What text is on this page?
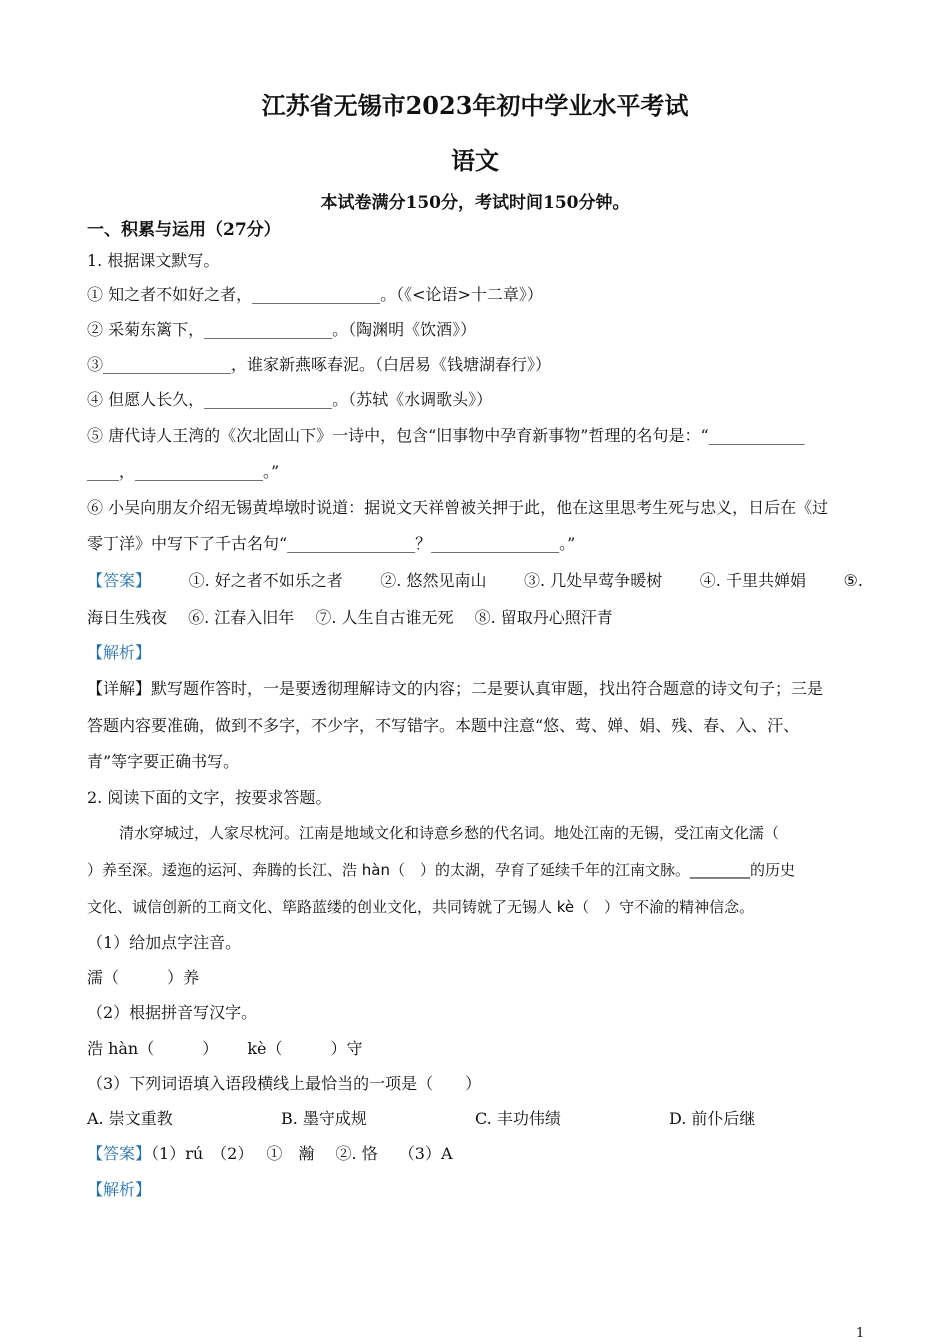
江苏省无锡市2023年初中学业水平考试
语文
本试卷满分150分，考试时间150分钟。
一、积累与运用（27分）
1. 根据课文默写。
① 知之者不如好之者，________________。（《<论语>十二章》）
② 采菊东篱下，________________。（陶渊明《饮酒》）
③________________，谁家新燕啄春泥。（白居易《钱塘湖春行》）
④ 但愿人长久，________________。（苏轼《水调歌头》）
⑤ 唐代诗人王湾的《次北固山下》一诗中，包含“旧事物中孕育新事物”哲理的名句是：“____________
____，________________。”
⑥ 小吴向朋友介绍无锡黄埠墩时说道：据说文天祥曾被关押于此，他在这里思考生死与忠义，日后在《过
零丁洋》中写下了千古名句“________________？________________。”
【答案】 ①. 好之者不如乐之者 ②. 悠然见南山 ③. 几处早莺争暖树 ④. 千里共婵娟 ⑤.
海日生残夜　 ⑥. 江春入旧年　 ⑦. 人生自古谁无死　 ⑧. 留取丹心照汗青
【解析】
【详解】默写题作答时，一是要透彻理解诗文的内容；二是要认真审题，找出符合题意的诗文句子；三是
答题内容要准确，做到不多字，不少字，不写错字。本题中注意“悠、莺、婵、娟、残、春、入、汗、
青”等字要正确书写。
2. 阅读下面的文字，按要求答题。
清水穿城过，人家尽枕河。江南是地域文化和诗意乡愁的代名词。地处江南的无锡，受江南文化濡（
）养至深。逶迤的运河、奔腾的长江、浩 hàn（　）的太湖，孕育了延续千年的江南文脉。________的历史
文化、诚信创新的工商文化、筚路蓝缕的创业文化，共同铸就了无锡人 kè（　）守不渝的精神信念。
（1）给加点字注音。
濡（　　　）养
（2）根据拼音写汉字。
浩 hàn（　　　）　　 kè（　　　）守
（3）下列词语填入语段横线上最恰当的一项是（　　）
A. 崇文重教	B. 墨守成规	C. 丰功伟绩	D. 前仆后继
【答案】（1）rú　（2）　 ①　瀚　 ②. 恪　 （3）A
【解析】
1
